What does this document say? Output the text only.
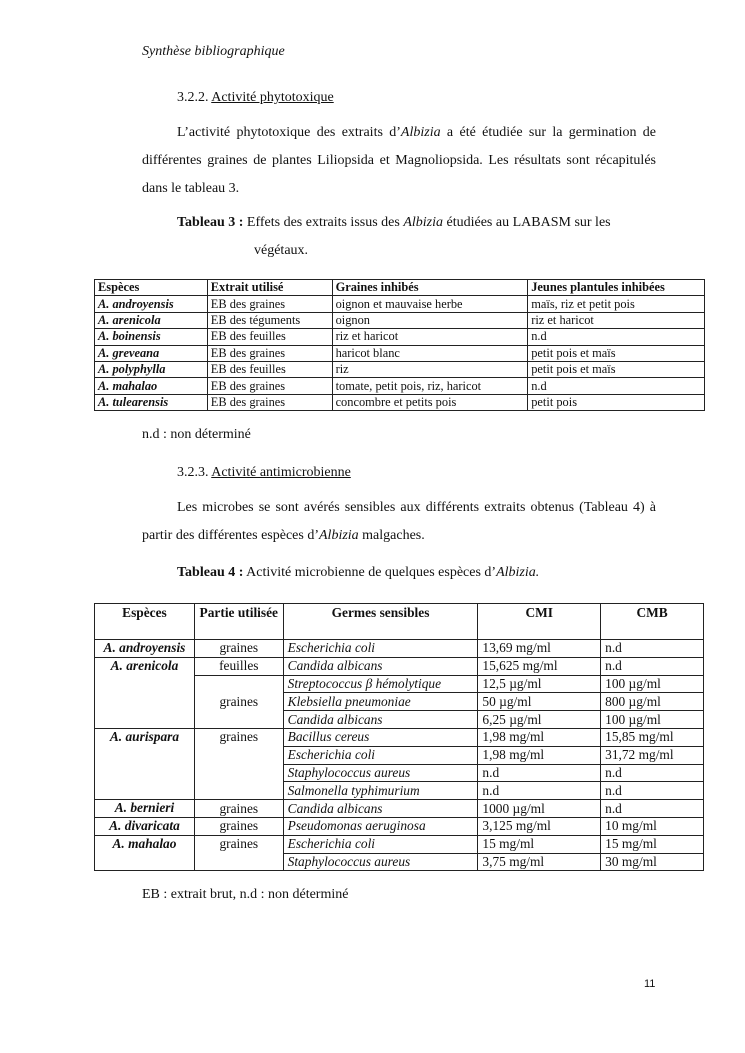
Synthèse bibliographique
3.2.2. Activité phytotoxique
L’activité phytotoxique des extraits d’Albizia a été étudiée sur la germination de différentes graines de plantes Liliopsida et Magnoliopsida. Les résultats sont récapitulés dans le tableau 3.
Tableau 3 : Effets des extraits issus des Albizia étudiées au LABASM sur les
végétaux.
Espèces	Extrait utilisé	Graines inhibés	Jeunes plantules inhibées
A. androyensis	EB des graines	oignon et mauvaise herbe	maïs, riz et petit pois
A. arenicola	EB des téguments	oignon	riz et haricot
A. boinensis	EB des feuilles	riz et haricot	n.d
A. greveana	EB des graines	haricot blanc	petit pois et maïs
A. polyphylla	EB des feuilles	riz	petit pois et maïs
A. mahalao	EB des graines	tomate, petit pois, riz, haricot	n.d
A. tulearensis	EB des graines	concombre et petits pois	petit pois
n.d : non déterminé
3.2.3. Activité antimicrobienne
Les microbes se sont avérés sensibles aux différents extraits obtenus (Tableau 4) à partir des différentes espèces d’Albizia malgaches.
Tableau 4 : Activité microbienne de quelques espèces d’Albizia.
Espèces	Partie utilisée	Germes sensibles	CMI	CMB
A. androyensis	graines	Escherichia coli	13,69 mg/ml	n.d
A. arenicola	feuilles	Candida albicans	15,625 mg/ml	n.d
	graines	Streptococcus β hémolytique	12,5 µg/ml	100 µg/ml
		Klebsiella pneumoniae	50 µg/ml	800 µg/ml
		Candida albicans	6,25 µg/ml	100 µg/ml
A. aurispara	graines	Bacillus cereus	1,98 mg/ml	15,85 mg/ml
		Escherichia coli	1,98 mg/ml	31,72 mg/ml
		Staphylococcus aureus	n.d	n.d
		Salmonella typhimurium	n.d	n.d
A. bernieri	graines	Candida albicans	1000 µg/ml	n.d
A. divaricata	graines	Pseudomonas aeruginosa	3,125 mg/ml	10 mg/ml
A. mahalao	graines	Escherichia coli	15 mg/ml	15 mg/ml
		Staphylococcus aureus	3,75 mg/ml	30 mg/ml
EB : extrait brut, n.d : non déterminé
11
